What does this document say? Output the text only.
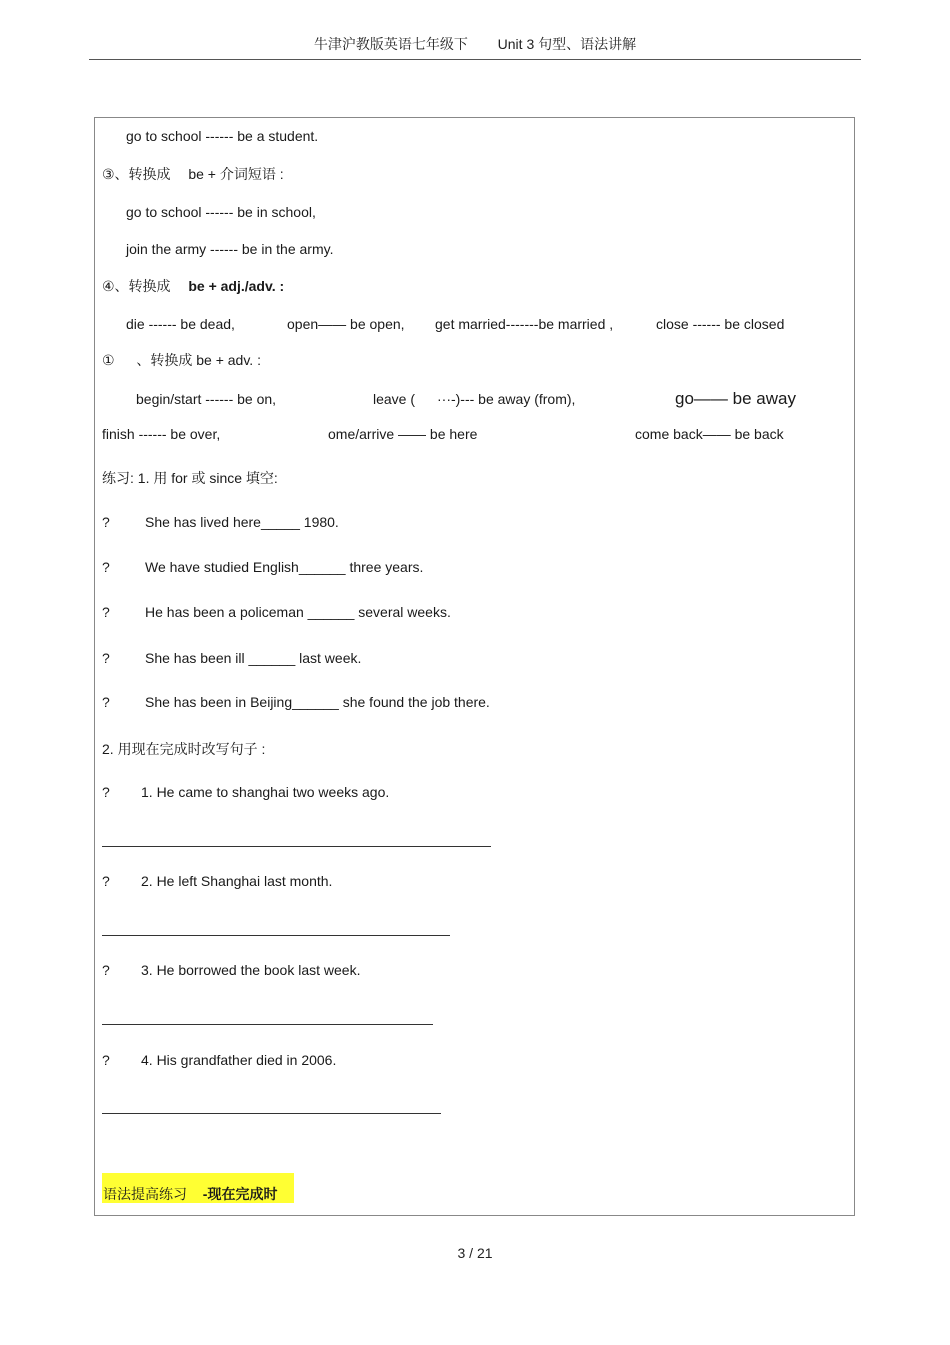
牛津沪教版英语七年级下 Unit 3 句型、语法讲解
go to school ------ be a student.
③、转换成 be + 介词短语 :
go to school ------ be in school,
join the army ------ be in the army.
④、转换成 be + adj./adv. :
die ------ be dead,	open—— be open, get married-------be married ,	close ------ be closed
① 、转换成 be + adv. :
begin/start ------ be on,	leave ( ···-)--- be away (from),	go—— be away
finish ------ be over,	ome/arrive —— be here	come back—— be back
练习: 1. 用 for 或 since 填空:
?	She has lived here_____ 1980.
?	We have studied English______ three years.
?	He has been a policeman ______ several weeks.
?	She has been ill ______ last week.
?	She has been in Beijing______ she found the job there.
2. 用现在完成时改写句子 :
? 1. He came to shanghai two weeks ago.
? 2. He left Shanghai last month.
? 3. He borrowed the book last week.
? 4. His grandfather died in 2006.
语法提高练习 -现在完成时
3 / 21
